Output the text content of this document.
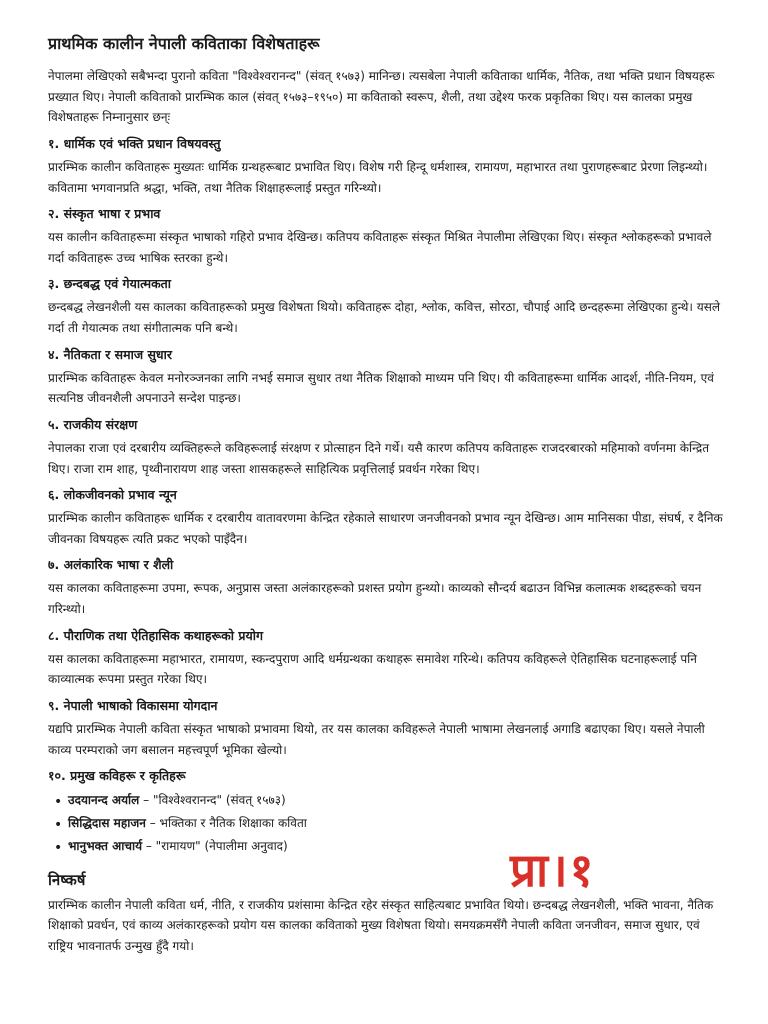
प्राथमिक कालीन नेपाली कविताका विशेषताहरू

नेपालमा लेखिएको सबैभन्दा पुरानो कविता "विश्वेश्वरानन्द" (संवत् १५७३) मानिन्छ। त्यसबेला नेपाली कविताका धार्मिक, नैतिक, तथा भक्ति प्रधान विषयहरू प्रख्यात थिए। नेपाली कविताको प्रारम्भिक काल (संवत् १५७३–१९५०) मा कविताको स्वरूप, शैली, तथा उद्देश्य फरक प्रकृतिका थिए। यस कालका प्रमुख विशेषताहरू निम्नानुसार छन्ः

१. धार्मिक एवं भक्ति प्रधान विषयवस्तु

प्रारम्भिक कालीन कविताहरू मुख्यतः धार्मिक ग्रन्थहरूबाट प्रभावित थिए। विशेष गरी हिन्दू धर्मशास्त्र, रामायण, महाभारत तथा पुराणहरूबाट प्रेरणा लिइन्थ्यो। कवितामा भगवानप्रति श्रद्धा, भक्ति, तथा नैतिक शिक्षाहरूलाई प्रस्तुत गरिन्थ्यो।

२. संस्कृत भाषा र प्रभाव

यस कालीन कविताहरूमा संस्कृत भाषाको गहिरो प्रभाव देखिन्छ। कतिपय कविताहरू संस्कृत मिश्रित नेपालीमा लेखिएका थिए। संस्कृत श्लोकहरूको प्रभावले गर्दा कविताहरू उच्च भाषिक स्तरका हुन्थे।

३. छन्दबद्ध एवं गेयात्मकता

छन्दबद्ध लेखनशैली यस कालका कविताहरूको प्रमुख विशेषता थियो। कविताहरू दोहा, श्लोक, कवित्त, सोरठा, चौपाई आदि छन्दहरूमा लेखिएका हुन्थे। यसले गर्दा ती गेयात्मक तथा संगीतात्मक पनि बन्थे।

४. नैतिकता र समाज सुधार

प्रारम्भिक कविताहरू केवल मनोरञ्जनका लागि नभई समाज सुधार तथा नैतिक शिक्षाको माध्यम पनि थिए। यी कविताहरूमा धार्मिक आदर्श, नीति-नियम, एवं सत्यनिष्ठ जीवनशैली अपनाउने सन्देश पाइन्छ।

५. राजकीय संरक्षण

नेपालका राजा एवं दरबारीय व्यक्तिहरूले कविहरूलाई संरक्षण र प्रोत्साहन दिने गर्थे। यसै कारण कतिपय कविताहरू राजदरबारको महिमाको वर्णनमा केन्द्रित थिए। राजा राम शाह, पृथ्वीनारायण शाह जस्ता शासकहरूले साहित्यिक प्रवृत्तिलाई प्रवर्धन गरेका थिए।

६. लोकजीवनको प्रभाव न्यून

प्रारम्भिक कालीन कविताहरू धार्मिक र दरबारीय वातावरणमा केन्द्रित रहेकाले साधारण जनजीवनको प्रभाव न्यून देखिन्छ। आम मानिसका पीडा, संघर्ष, र दैनिक जीवनका विषयहरू त्यति प्रकट भएको पाइँदैन।

७. अलंकारिक भाषा र शैली

यस कालका कविताहरूमा उपमा, रूपक, अनुप्रास जस्ता अलंकारहरूको प्रशस्त प्रयोग हुन्थ्यो। काव्यको सौन्दर्य बढाउन विभिन्न कलात्मक शब्दहरूको चयन गरिन्थ्यो।

८. पौराणिक तथा ऐतिहासिक कथाहरूको प्रयोग

यस कालका कविताहरूमा महाभारत, रामायण, स्कन्दपुराण आदि धर्मग्रन्थका कथाहरू समावेश गरिन्थे। कतिपय कविहरूले ऐतिहासिक घटनाहरूलाई पनि काव्यात्मक रूपमा प्रस्तुत गरेका थिए।

९. नेपाली भाषाको विकासमा योगदान

यद्यपि प्रारम्भिक नेपाली कविता संस्कृत भाषाको प्रभावमा थियो, तर यस कालका कविहरूले नेपाली भाषामा लेखनलाई अगाडि बढाएका थिए। यसले नेपाली काव्य परम्पराको जग बसालन महत्त्वपूर्ण भूमिका खेल्यो।

१०. प्रमुख कविहरू र कृतिहरू
• उदयानन्द अर्याल – "विश्वेश्वरानन्द" (संवत् १५७३)
• सिद्धिदास महाजन – भक्तिका र नैतिक शिक्षाका कविता
• भानुभक्त आचार्य – "रामायण" (नेपालीमा अनुवाद)
निष्कर्ष

प्रारम्भिक कालीन नेपाली कविता धर्म, नीति, र राजकीय प्रशंसामा केन्द्रित रहेर संस्कृत साहित्यबाट प्रभावित थियो। छन्दबद्ध लेखनशैली, भक्ति भावना, नैतिक शिक्षाको प्रवर्धन, एवं काव्य अलंकारहरूको प्रयोग यस कालका कविताको मुख्य विशेषता थियो। समयक्रमसँगै नेपाली कविता जनजीवन, समाज सुधार, एवं राष्ट्रिय भावनातर्फ उन्मुख हुँदै गयो।

प्रा।१
